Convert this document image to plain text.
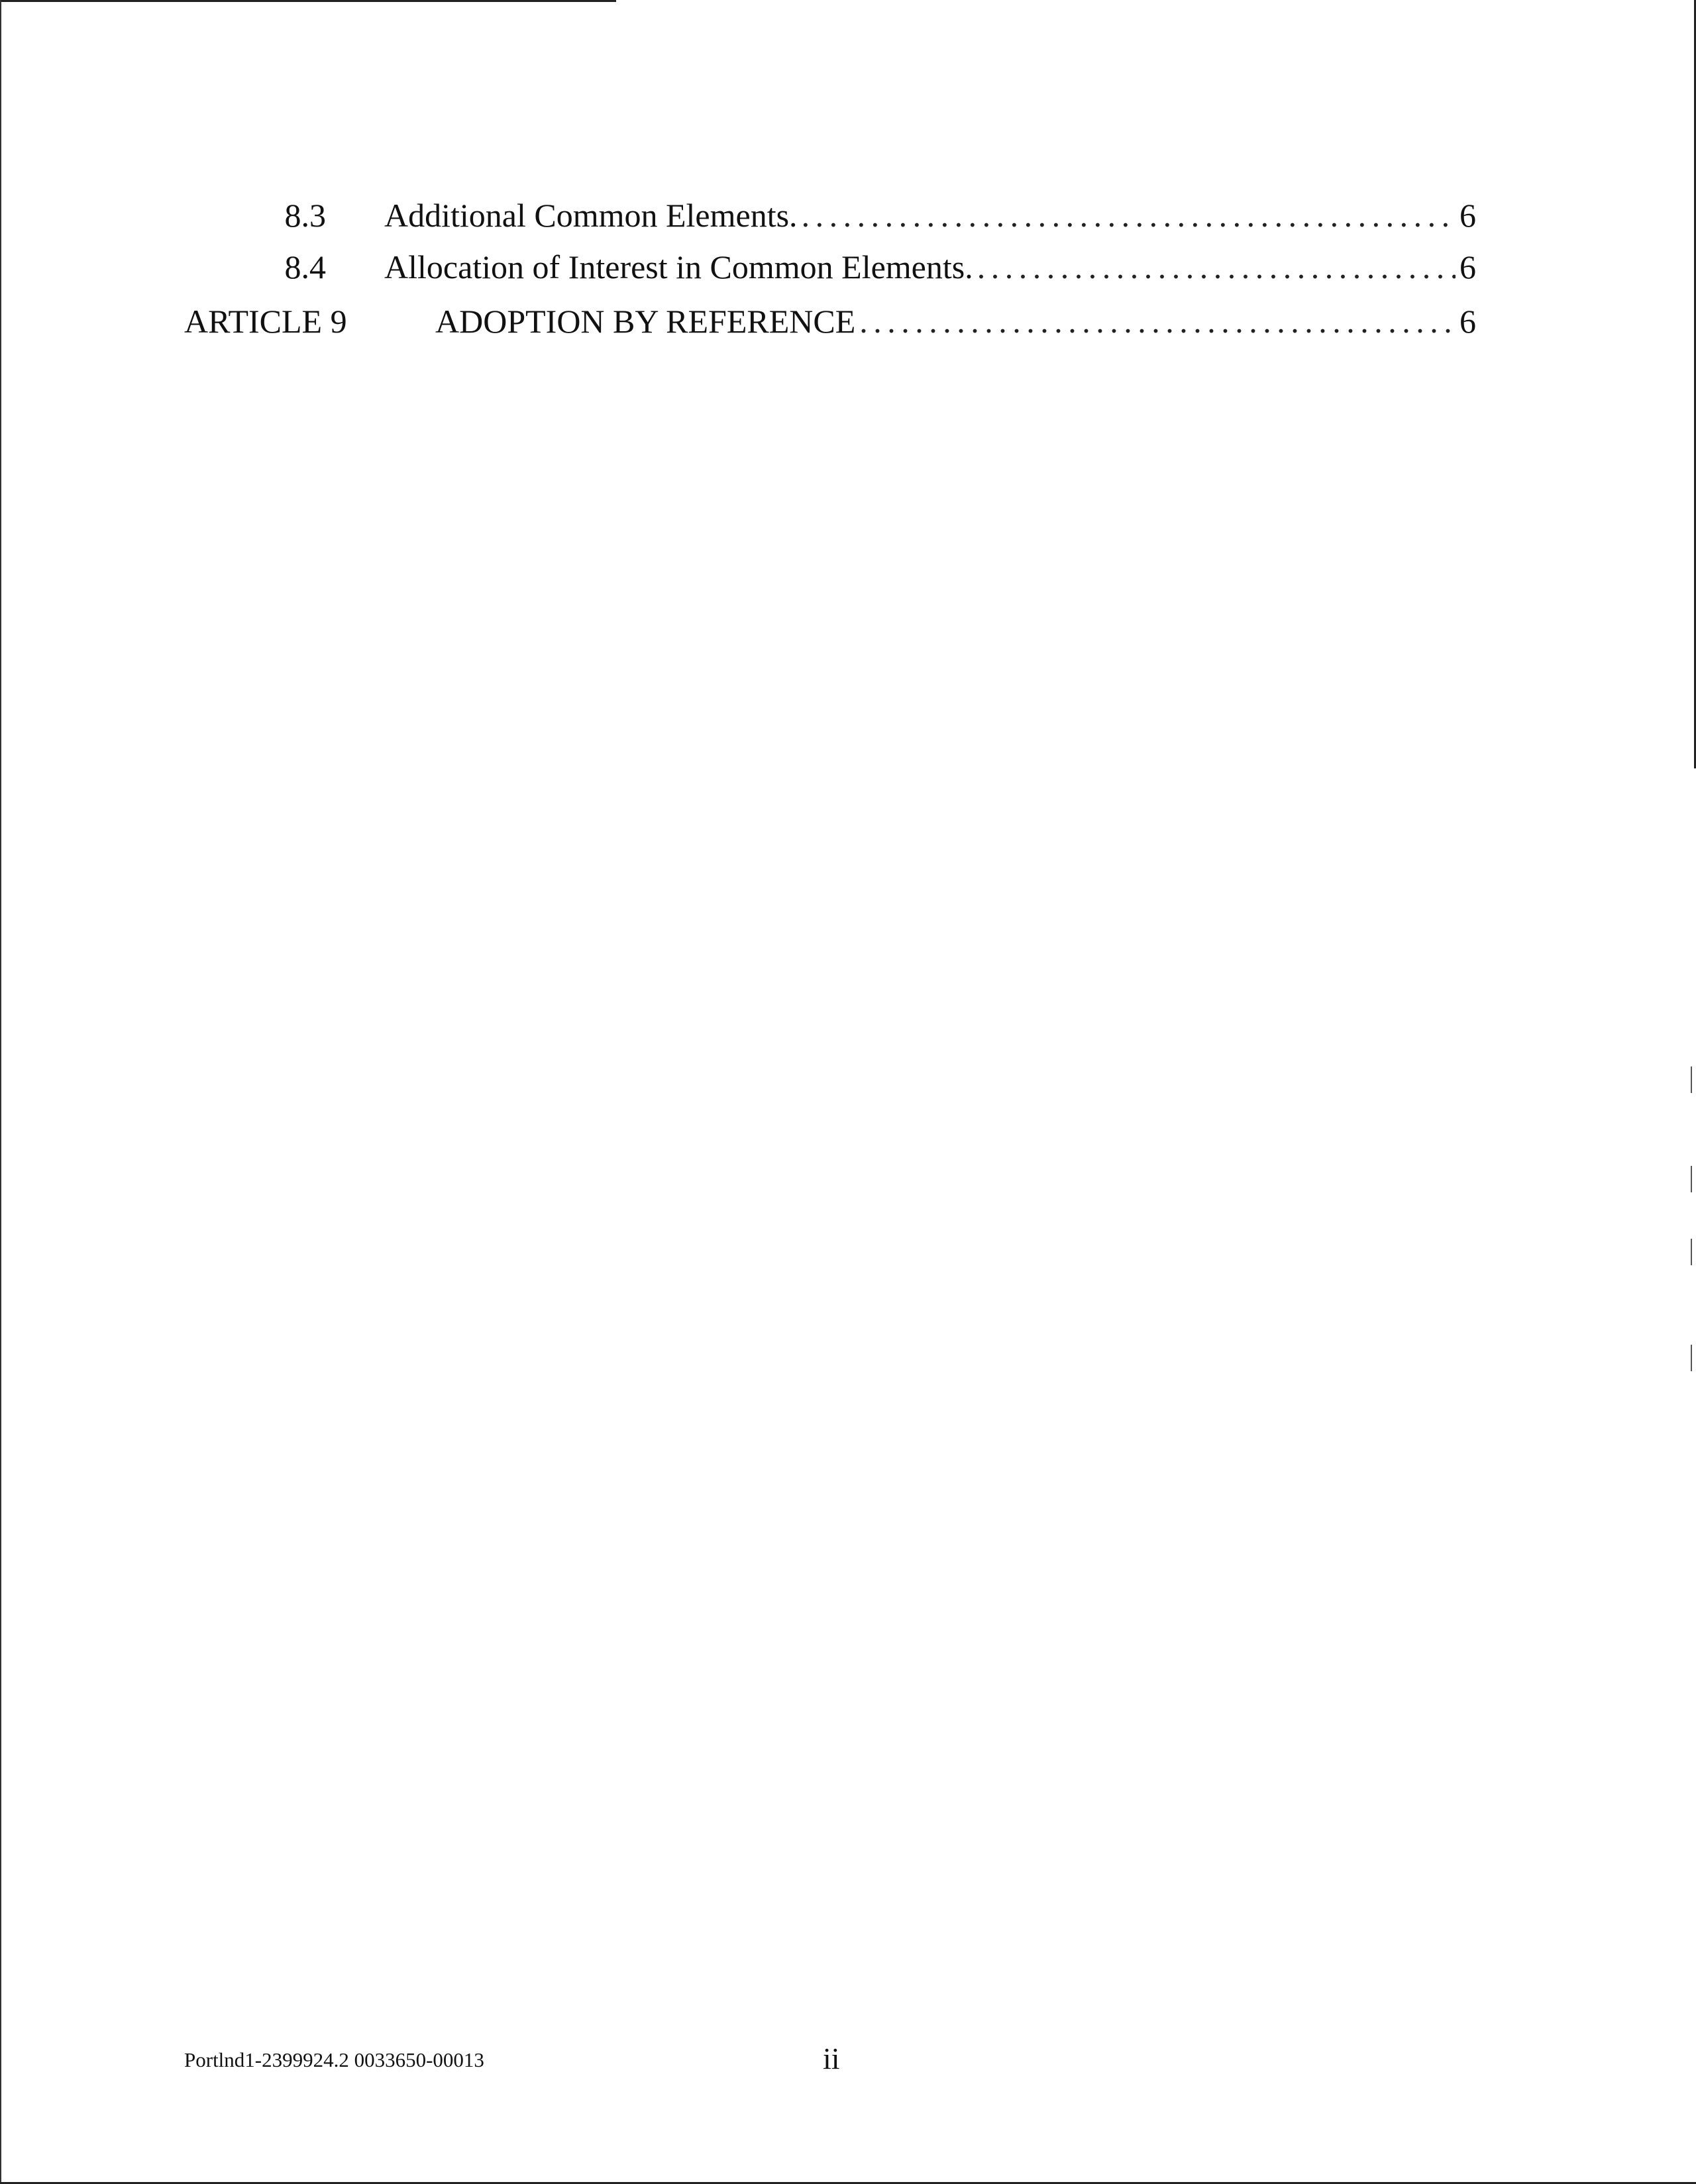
8.3 Additional Common Elements. . . .	6
8.4 Allocation of Interest in Common Elements. . . .	6
ARTICLE 9	ADOPTION BY REFERENCE . . .	6
Portlnd1-2399924.2 0033650-00013	ii
